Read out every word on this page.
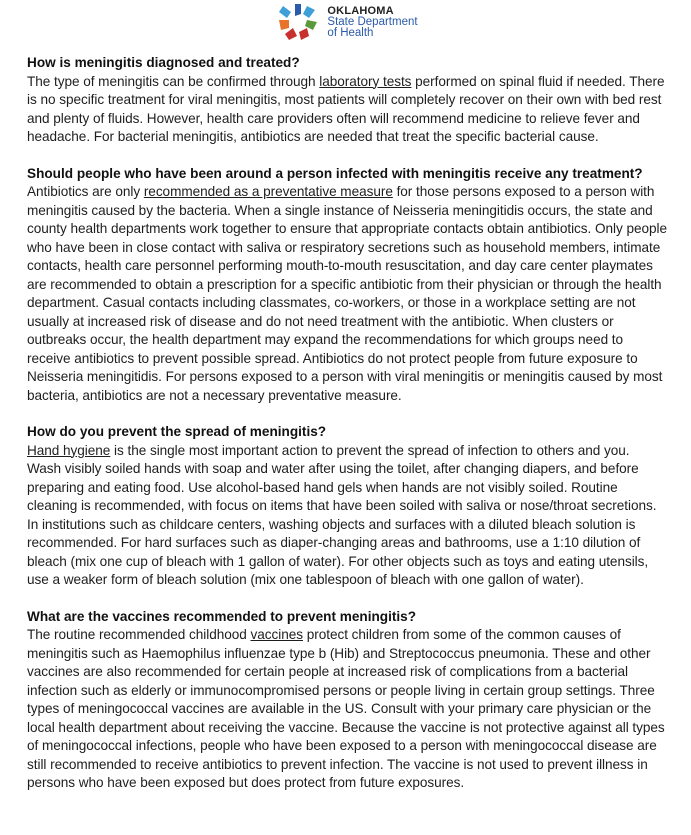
OKLAHOMA
State Department
of Health
How is meningitis diagnosed and treated?
The type of meningitis can be confirmed through laboratory tests performed on spinal fluid if needed. There is no specific treatment for viral meningitis, most patients will completely recover on their own with bed rest and plenty of fluids. However, health care providers often will recommend medicine to relieve fever and headache. For bacterial meningitis, antibiotics are needed that treat the specific bacterial cause.
Should people who have been around a person infected with meningitis receive any treatment?
Antibiotics are only recommended as a preventative measure for those persons exposed to a person with meningitis caused by the bacteria. When a single instance of Neisseria meningitidis occurs, the state and county health departments work together to ensure that appropriate contacts obtain antibiotics. Only people who have been in close contact with saliva or respiratory secretions such as household members, intimate contacts, health care personnel performing mouth-to-mouth resuscitation, and day care center playmates are recommended to obtain a prescription for a specific antibiotic from their physician or through the health department. Casual contacts including classmates, co-workers, or those in a workplace setting are not usually at increased risk of disease and do not need treatment with the antibiotic. When clusters or outbreaks occur, the health department may expand the recommendations for which groups need to receive antibiotics to prevent possible spread. Antibiotics do not protect people from future exposure to Neisseria meningitidis. For persons exposed to a person with viral meningitis or meningitis caused by most bacteria, antibiotics are not a necessary preventative measure.
How do you prevent the spread of meningitis?
Hand hygiene is the single most important action to prevent the spread of infection to others and you. Wash visibly soiled hands with soap and water after using the toilet, after changing diapers, and before preparing and eating food. Use alcohol-based hand gels when hands are not visibly soiled. Routine cleaning is recommended, with focus on items that have been soiled with saliva or nose/throat secretions. In institutions such as childcare centers, washing objects and surfaces with a diluted bleach solution is recommended. For hard surfaces such as diaper-changing areas and bathrooms, use a 1:10 dilution of bleach (mix one cup of bleach with 1 gallon of water). For other objects such as toys and eating utensils, use a weaker form of bleach solution (mix one tablespoon of bleach with one gallon of water).
What are the vaccines recommended to prevent meningitis?
The routine recommended childhood vaccines protect children from some of the common causes of meningitis such as Haemophilus influenzae type b (Hib) and Streptococcus pneumonia. These and other vaccines are also recommended for certain people at increased risk of complications from a bacterial infection such as elderly or immunocompromised persons or people living in certain group settings. Three types of meningococcal vaccines are available in the US. Consult with your primary care physician or the local health department about receiving the vaccine. Because the vaccine is not protective against all types of meningococcal infections, people who have been exposed to a person with meningococcal disease are still recommended to receive antibiotics to prevent infection. The vaccine is not used to prevent illness in persons who have been exposed but does protect from future exposures.
